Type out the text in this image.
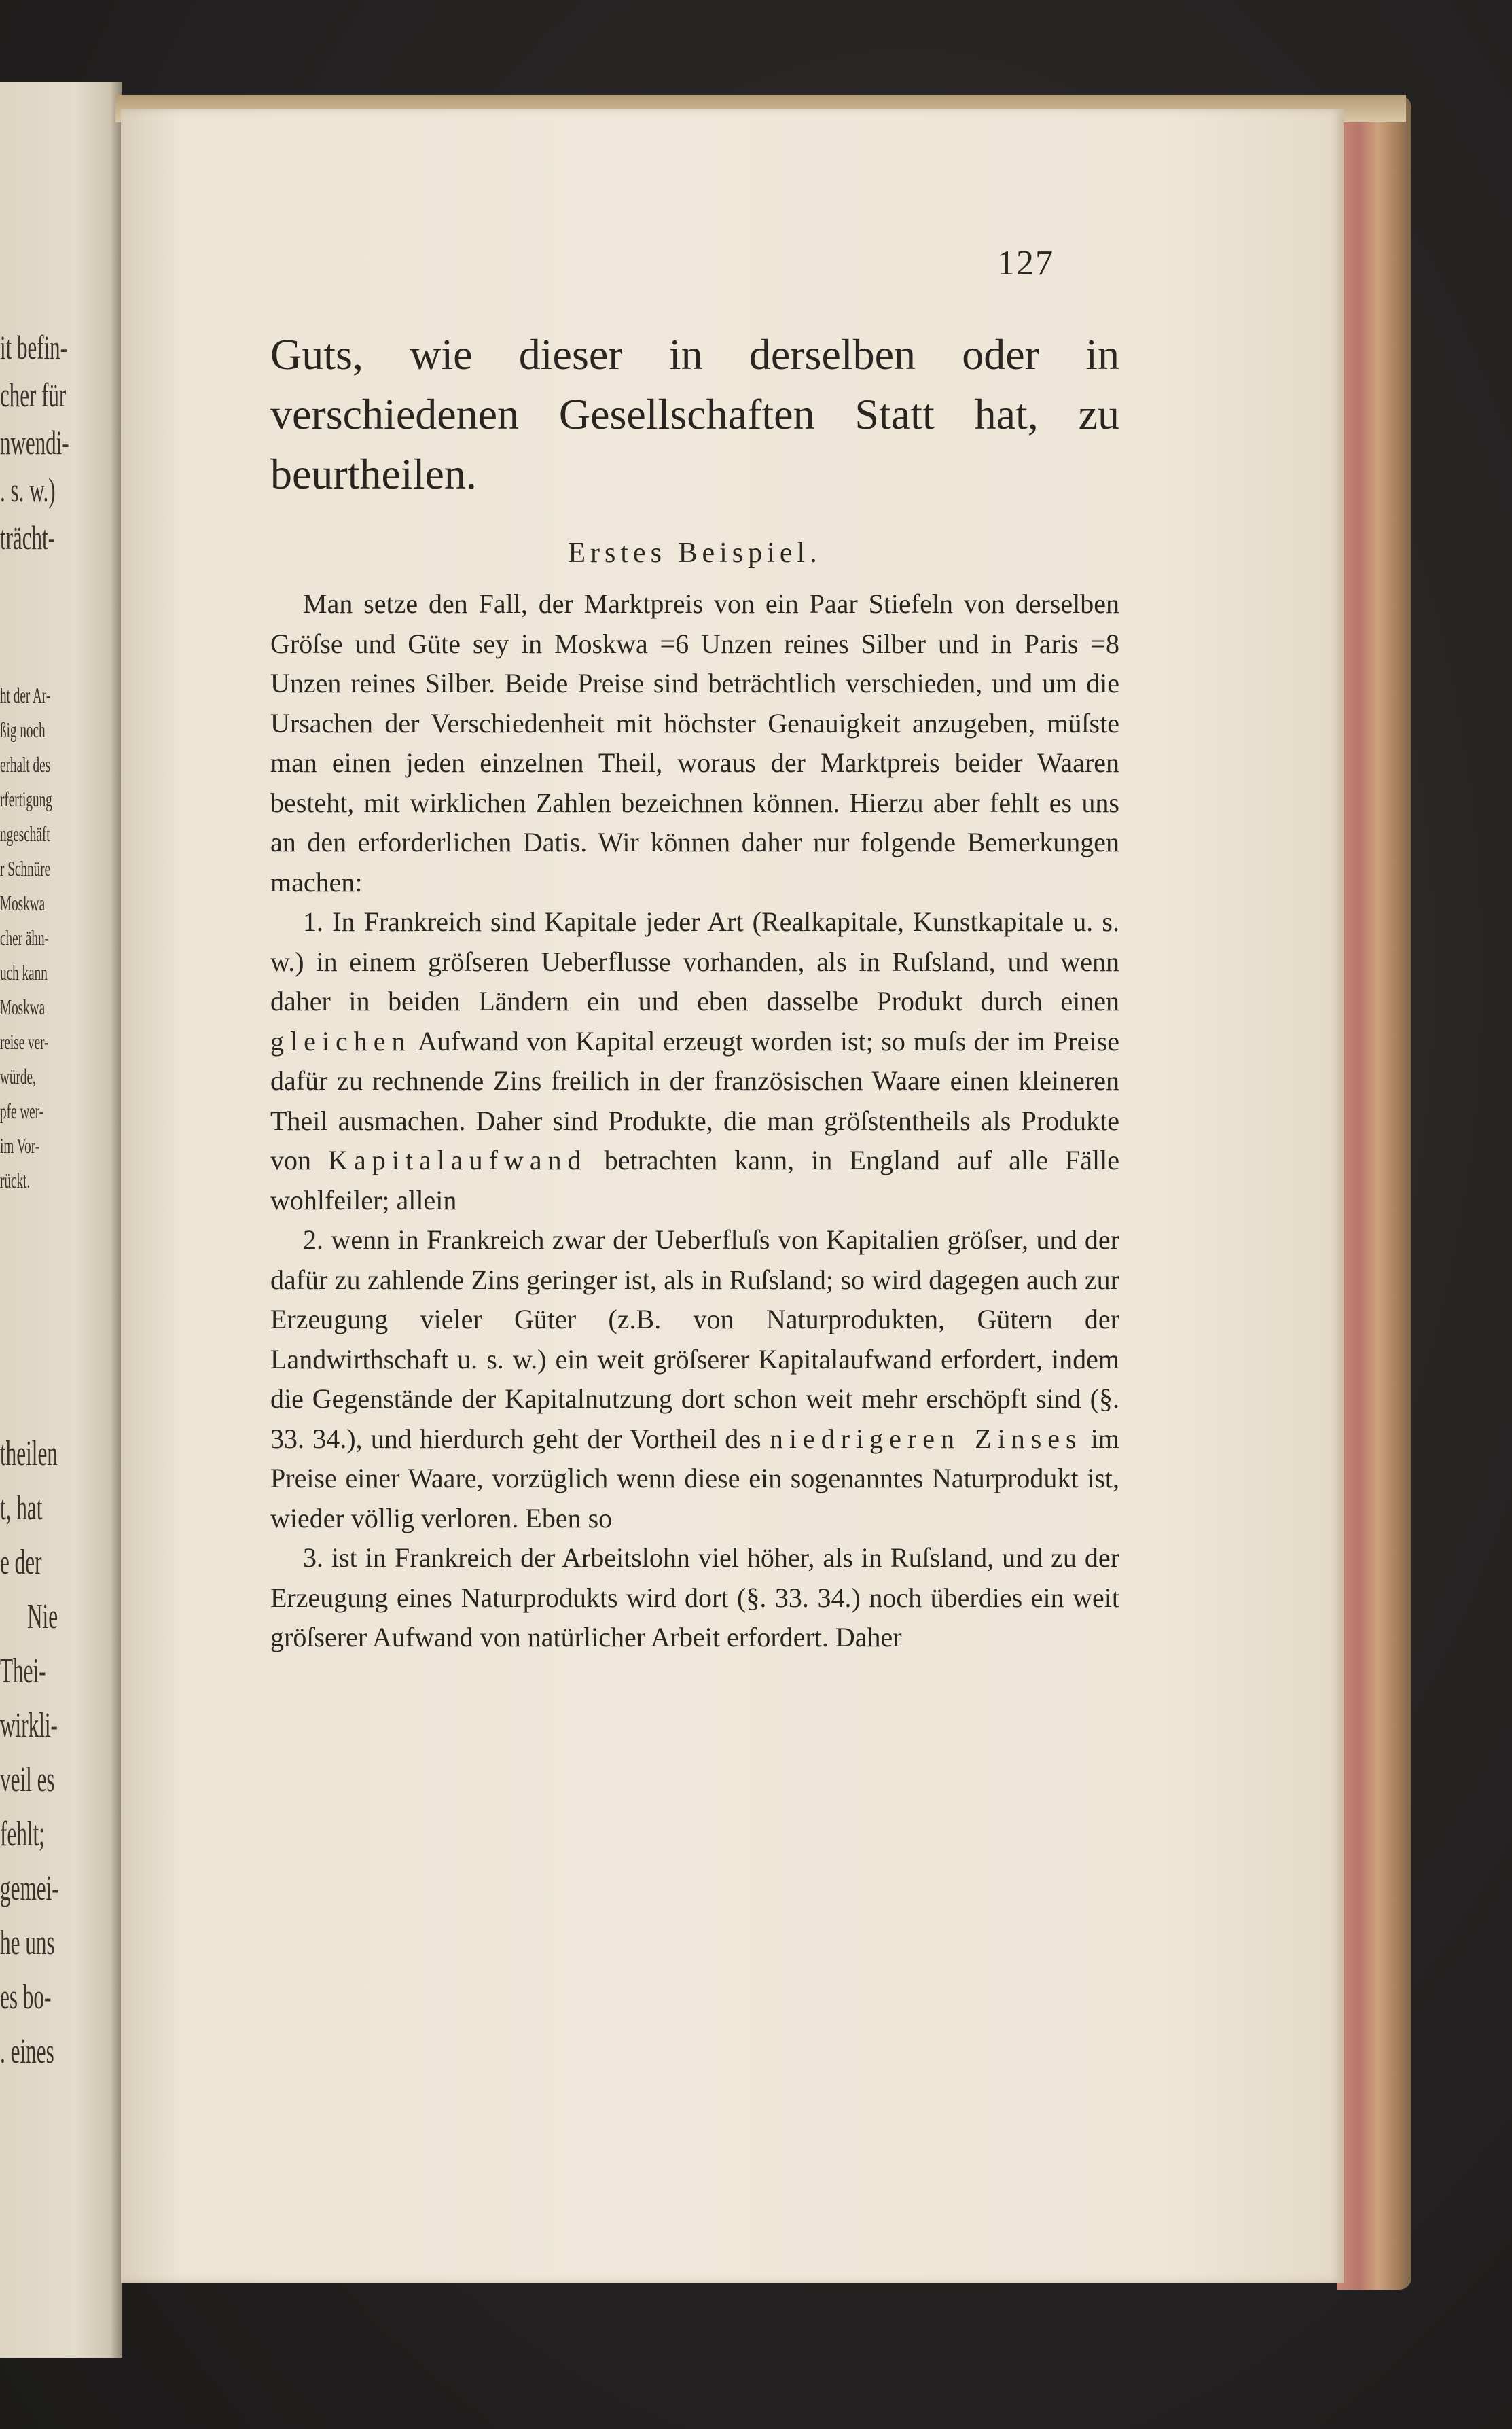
it befin-
cher für
nwendi-
. s. w.)
trächt-
ht der Ar-
ßig noch
erhalt des
rfertigung
ngeschäft
r Schnüre
Moskwa
cher ähn-
uch kann
Moskwa
reise ver-
würde,
pfe wer-
im Vor-
rückt.
theilen
t, hat
e der
Nie
Thei-
wirkli-
veil es
fehlt;
gemei-
he uns
es bo-
. eines
127

Guts, wie dieser in derselben oder in verschiedenen Gesellschaften Statt hat, zu beurtheilen.

Erstes Beispiel.

Man setze den Fall, der Marktpreis von ein Paar Stiefeln von derselben Gröſse und Güte sey in Moskwa =6 Unzen reines Silber und in Paris =8 Unzen reines Silber. Beide Preise sind beträchtlich verschieden, und um die Ursachen der Verschiedenheit mit höchster Genauigkeit anzugeben, müſste man einen jeden einzelnen Theil, woraus der Marktpreis beider Waaren besteht, mit wirklichen Zahlen bezeichnen können. Hierzu aber fehlt es uns an den erforderlichen Datis. Wir können daher nur folgende Bemerkungen machen:

1. In Frankreich sind Kapitale jeder Art (Realkapitale, Kunstkapitale u. s. w.) in einem gröſseren Ueberflusse vorhanden, als in Ruſsland, und wenn daher in beiden Ländern ein und eben dasselbe Produkt durch einen gleichen Aufwand von Kapital erzeugt worden ist; so muſs der im Preise dafür zu rechnende Zins freilich in der französischen Waare einen kleineren Theil ausmachen. Daher sind Produkte, die man gröſstentheils als Produkte von Kapitalaufwand betrachten kann, in England auf alle Fälle wohlfeiler; allein

2. wenn in Frankreich zwar der Ueberfluſs von Kapitalien gröſser, und der dafür zu zahlende Zins geringer ist, als in Ruſsland; so wird dagegen auch zur Erzeugung vieler Güter (z.B. von Naturprodukten, Gütern der Landwirthschaft u. s. w.) ein weit gröſserer Kapitalaufwand erfordert, indem die Gegenstände der Kapitalnutzung dort schon weit mehr erschöpft sind (§. 33. 34.), und hierdurch geht der Vortheil des niedrigeren Zinses im Preise einer Waare, vorzüglich wenn diese ein sogenanntes Naturprodukt ist, wieder völlig verloren. Eben so

3. ist in Frankreich der Arbeitslohn viel höher, als in Ruſsland, und zu der Erzeugung eines Naturprodukts wird dort (§. 33. 34.) noch überdies ein weit gröſserer Aufwand von natürlicher Arbeit erfordert. Daher
